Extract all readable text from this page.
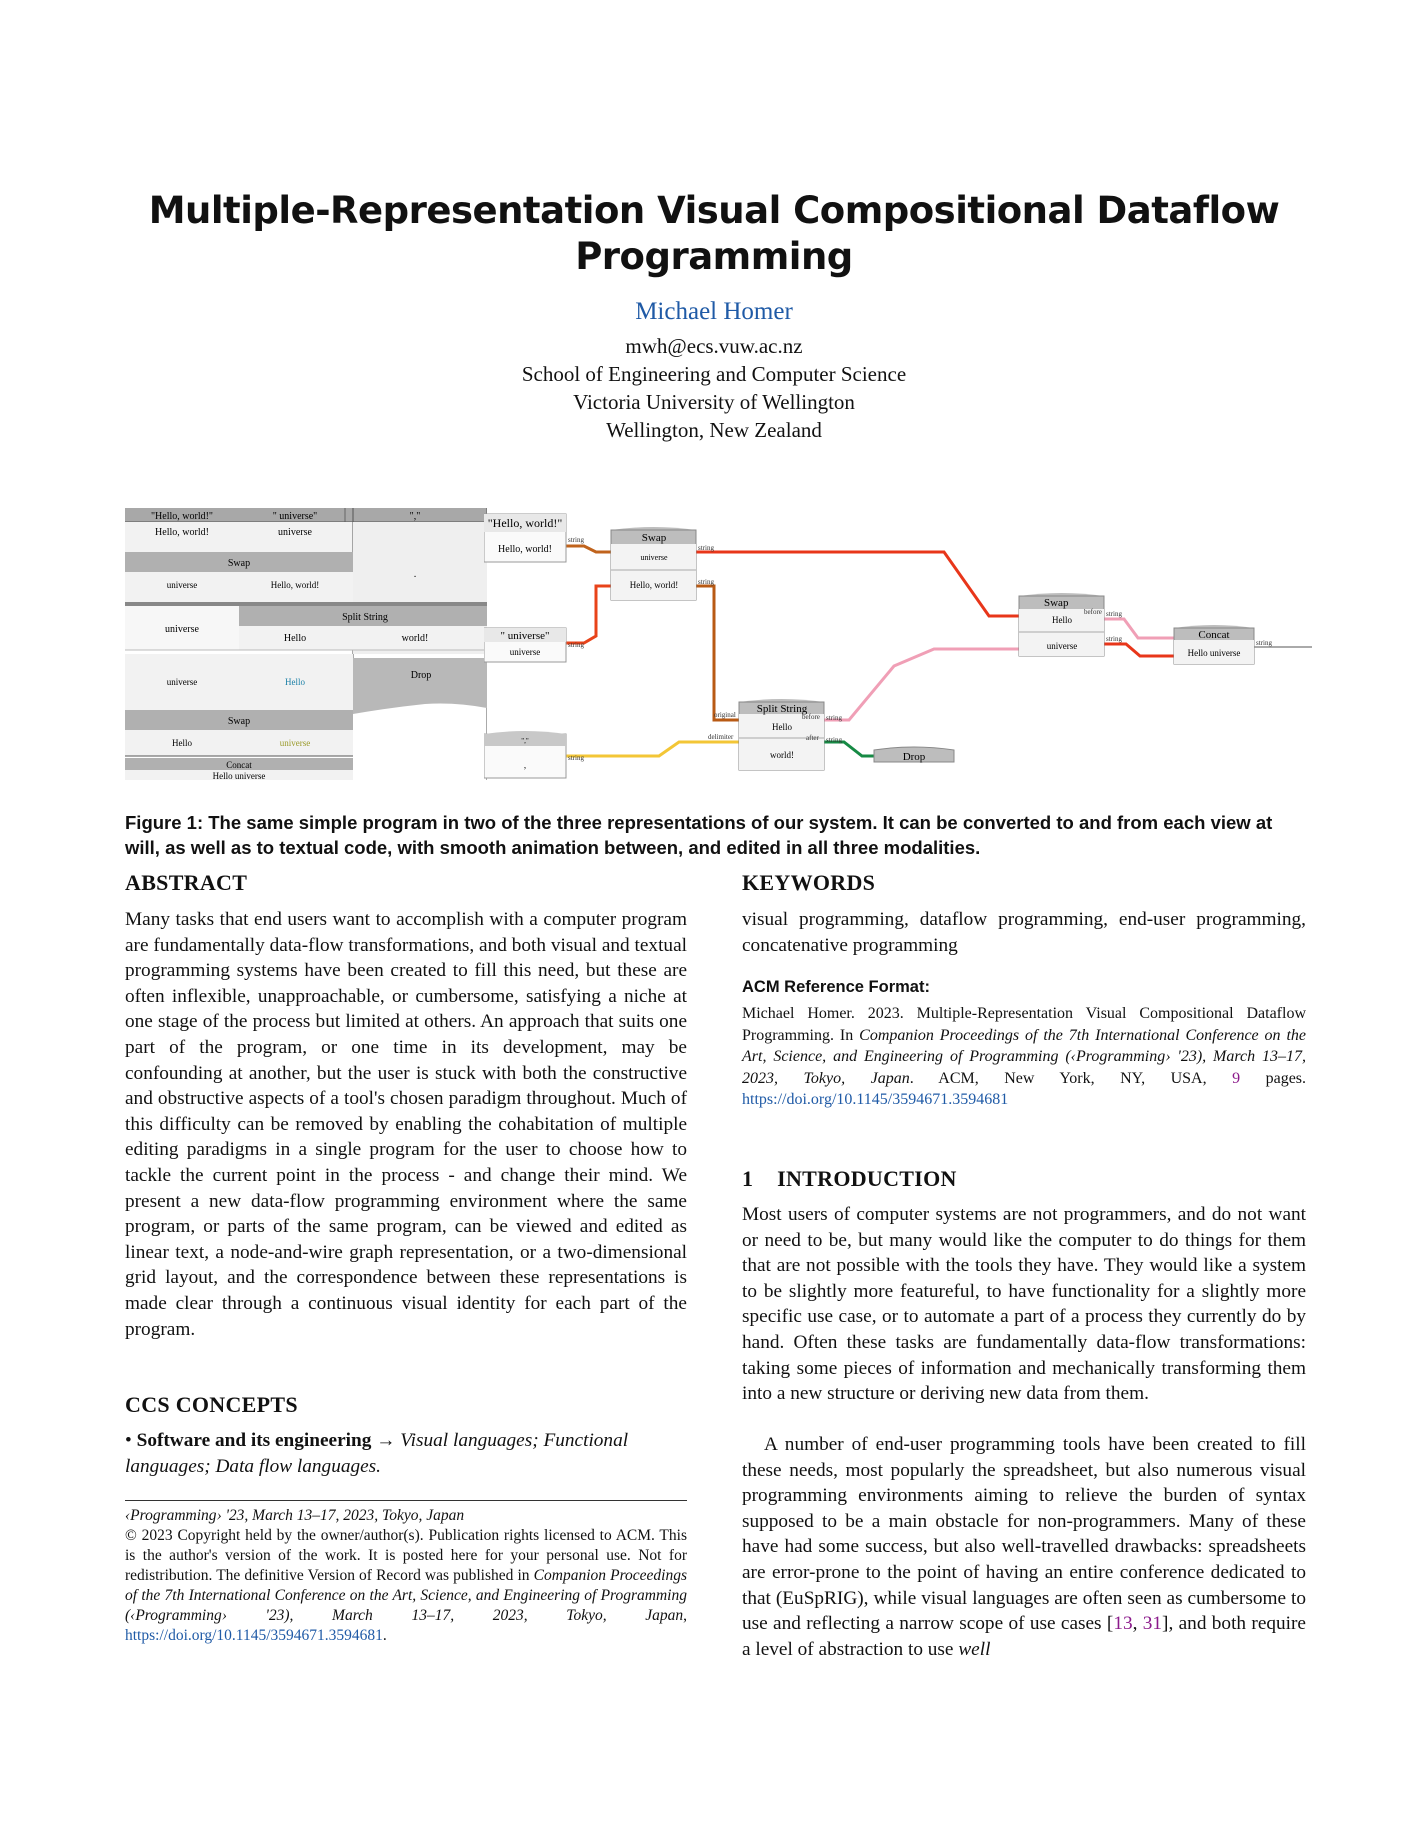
Multiple-Representation Visual Compositional Dataflow
Programming
Michael Homer
mwh@ecs.vuw.ac.nz
School of Engineering and Computer Science
Victoria University of Wellington
Wellington, New Zealand
"Hello, world!"	" universe"	","
Hello, world!	universe
Swap
universe	Hello, world!
·
Split String
universe
Hello	world!
Drop
universe	Hello
Swap
Hello	universe
Concat
Hello universe
"Hello, world!"
Hello, world!
string
" universe"
universe
string
","
,
string
Swap
universe
Hello, world!
string
string
Split String
Hello
world!
original
delimiter
before
after
string
string
Drop
Swap
Hello
universe
before string
string	Concat
Hello universe
string
Figure 1: The same simple program in two of the three representations of our system. It can be converted to and from each view at will, as well as to textual code, with smooth animation between, and edited in all three modalities.
ABSTRACT
Many tasks that end users want to accomplish with a computer program are fundamentally data-flow transformations, and both visual and textual programming systems have been created to fill this need, but these are often inflexible, unapproachable, or cumbersome, satisfying a niche at one stage of the process but limited at others. An approach that suits one part of the program, or one time in its development, may be confounding at another, but the user is stuck with both the constructive and obstructive aspects of a tool's chosen paradigm throughout. Much of this difficulty can be removed by enabling the cohabitation of multiple editing paradigms in a single program for the user to choose how to tackle the current point in the process - and change their mind. We present a new data-flow programming environment where the same program, or parts of the same program, can be viewed and edited as linear text, a node-and-wire graph representation, or a two-dimensional grid layout, and the correspondence between these representations is made clear through a continuous visual identity for each part of the program.
CCS CONCEPTS
• Software and its engineering → Visual languages; Functional languages; Data flow languages.
‹Programming› '23, March 13–17, 2023, Tokyo, Japan
© 2023 Copyright held by the owner/author(s). Publication rights licensed to ACM. This is the author's version of the work. It is posted here for your personal use. Not for redistribution. The definitive Version of Record was published in Companion Proceedings of the 7th International Conference on the Art, Science, and Engineering of Programming (‹Programming› '23), March 13–17, 2023, Tokyo, Japan, https://doi.org/10.1145/3594671.3594681.
KEYWORDS
visual programming, dataflow programming, end-user programming, concatenative programming
ACM Reference Format:
Michael Homer. 2023. Multiple-Representation Visual Compositional Dataflow Programming. In Companion Proceedings of the 7th International Conference on the Art, Science, and Engineering of Programming (‹Programming› '23), March 13–17, 2023, Tokyo, Japan. ACM, New York, NY, USA, 9 pages. https://doi.org/10.1145/3594671.3594681
1 INTRODUCTION
Most users of computer systems are not programmers, and do not want or need to be, but many would like the computer to do things for them that are not possible with the tools they have. They would like a system to be slightly more featureful, to have functionality for a slightly more specific use case, or to automate a part of a process they currently do by hand. Often these tasks are fundamentally data-flow transformations: taking some pieces of information and mechanically transforming them into a new structure or deriving new data from them.
A number of end-user programming tools have been created to fill these needs, most popularly the spreadsheet, but also numerous visual programming environments aiming to relieve the burden of syntax supposed to be a main obstacle for non-programmers. Many of these have had some success, but also well-travelled drawbacks: spreadsheets are error-prone to the point of having an entire conference dedicated to that (EuSpRIG), while visual languages are often seen as cumbersome to use and reflecting a narrow scope of use cases [13, 31], and both require a level of abstraction to use well
